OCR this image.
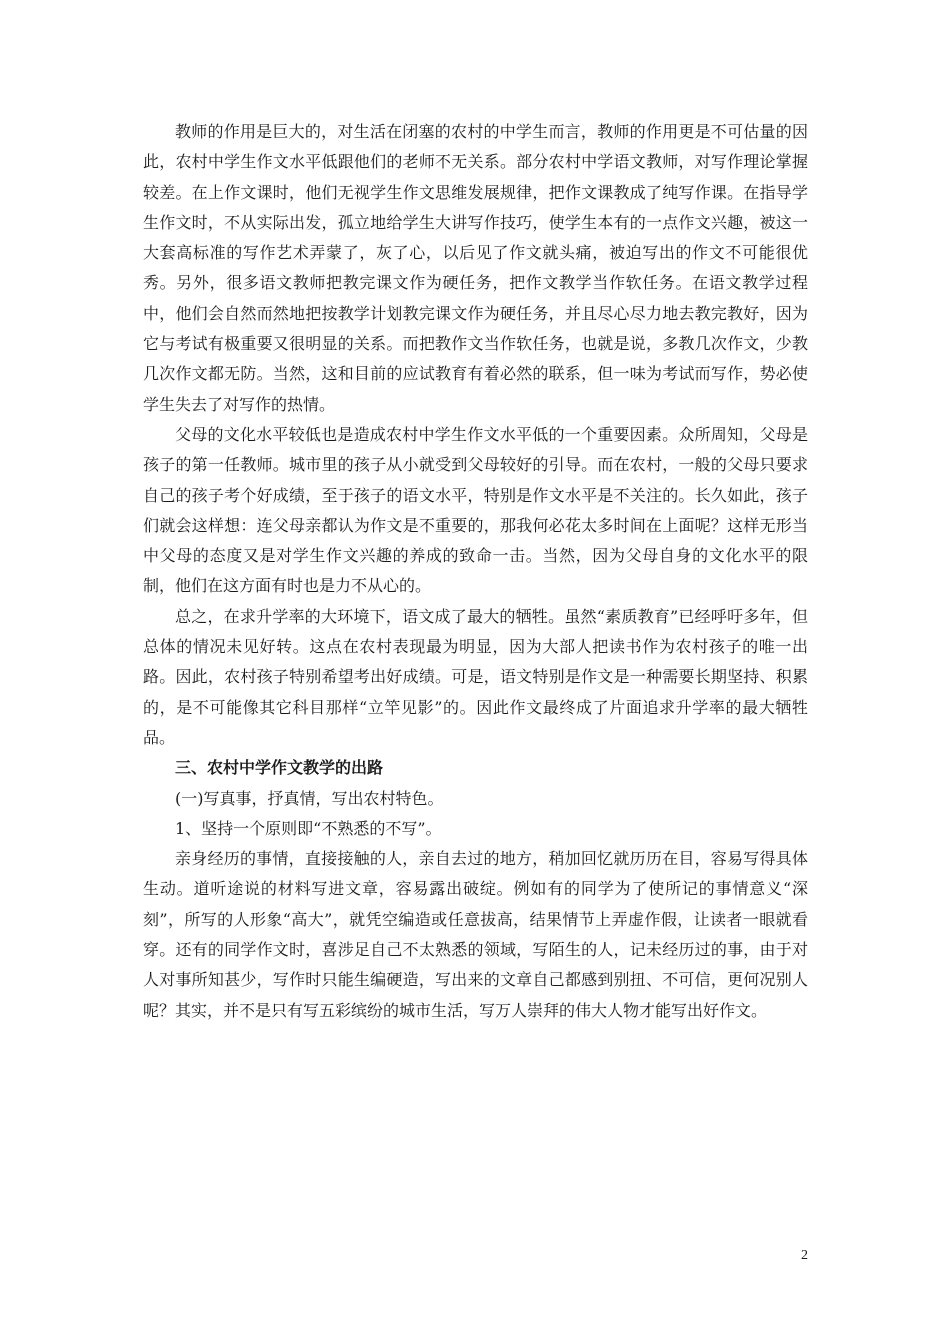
教师的作用是巨大的，对生活在闭塞的农村的中学生而言，教师的作用更是不可估量的因此，农村中学生作文水平低跟他们的老师不无关系。部分农村中学语文教师，对写作理论掌握较差。在上作文课时，他们无视学生作文思维发展规律，把作文课教成了纯写作课。在指导学生作文时，不从实际出发，孤立地给学生大讲写作技巧，使学生本有的一点作文兴趣，被这一大套高标准的写作艺术弄蒙了，灰了心，以后见了作文就头痛，被迫写出的作文不可能很优秀。另外，很多语文教师把教完课文作为硬任务，把作文教学当作软任务。在语文教学过程中，他们会自然而然地把按教学计划教完课文作为硬任务，并且尽心尽力地去教完教好，因为它与考试有极重要又很明显的关系。而把教作文当作软任务，也就是说，多教几次作文，少教几次作文都无防。当然，这和目前的应试教育有着必然的联系，但一味为考试而写作，势必使学生失去了对写作的热情。

父母的文化水平较低也是造成农村中学生作文水平低的一个重要因素。众所周知，父母是孩子的第一任教师。城市里的孩子从小就受到父母较好的引导。而在农村，一般的父母只要求自己的孩子考个好成绩，至于孩子的语文水平，特别是作文水平是不关注的。长久如此，孩子们就会这样想：连父母亲都认为作文是不重要的，那我何必花太多时间在上面呢？这样无形当中父母的态度又是对学生作文兴趣的养成的致命一击。当然，因为父母自身的文化水平的限制，他们在这方面有时也是力不从心的。

总之，在求升学率的大环境下，语文成了最大的牺牲。虽然“素质教育”已经呼吁多年，但总体的情况未见好转。这点在农村表现最为明显，因为大部人把读书作为农村孩子的唯一出路。因此，农村孩子特别希望考出好成绩。可是，语文特别是作文是一种需要长期坚持、积累的，是不可能像其它科目那样“立竿见影”的。因此作文最终成了片面追求升学率的最大牺牲品。

三、农村中学作文教学的出路

(一)写真事，抒真情，写出农村特色。

1、坚持一个原则即“不熟悉的不写”。

亲身经历的事情，直接接触的人，亲自去过的地方，稍加回忆就历历在目，容易写得具体生动。道听途说的材料写进文章，容易露出破绽。例如有的同学为了使所记的事情意义“深刻”，所写的人形象“高大”，就凭空编造或任意拔高，结果情节上弄虚作假，让读者一眼就看穿。还有的同学作文时，喜涉足自己不太熟悉的领域，写陌生的人，记未经历过的事，由于对人对事所知甚少，写作时只能生编硬造，写出来的文章自己都感到别扭、不可信，更何况别人呢？其实，并不是只有写五彩缤纷的城市生活，写万人崇拜的伟大人物才能写出好作文。

2
